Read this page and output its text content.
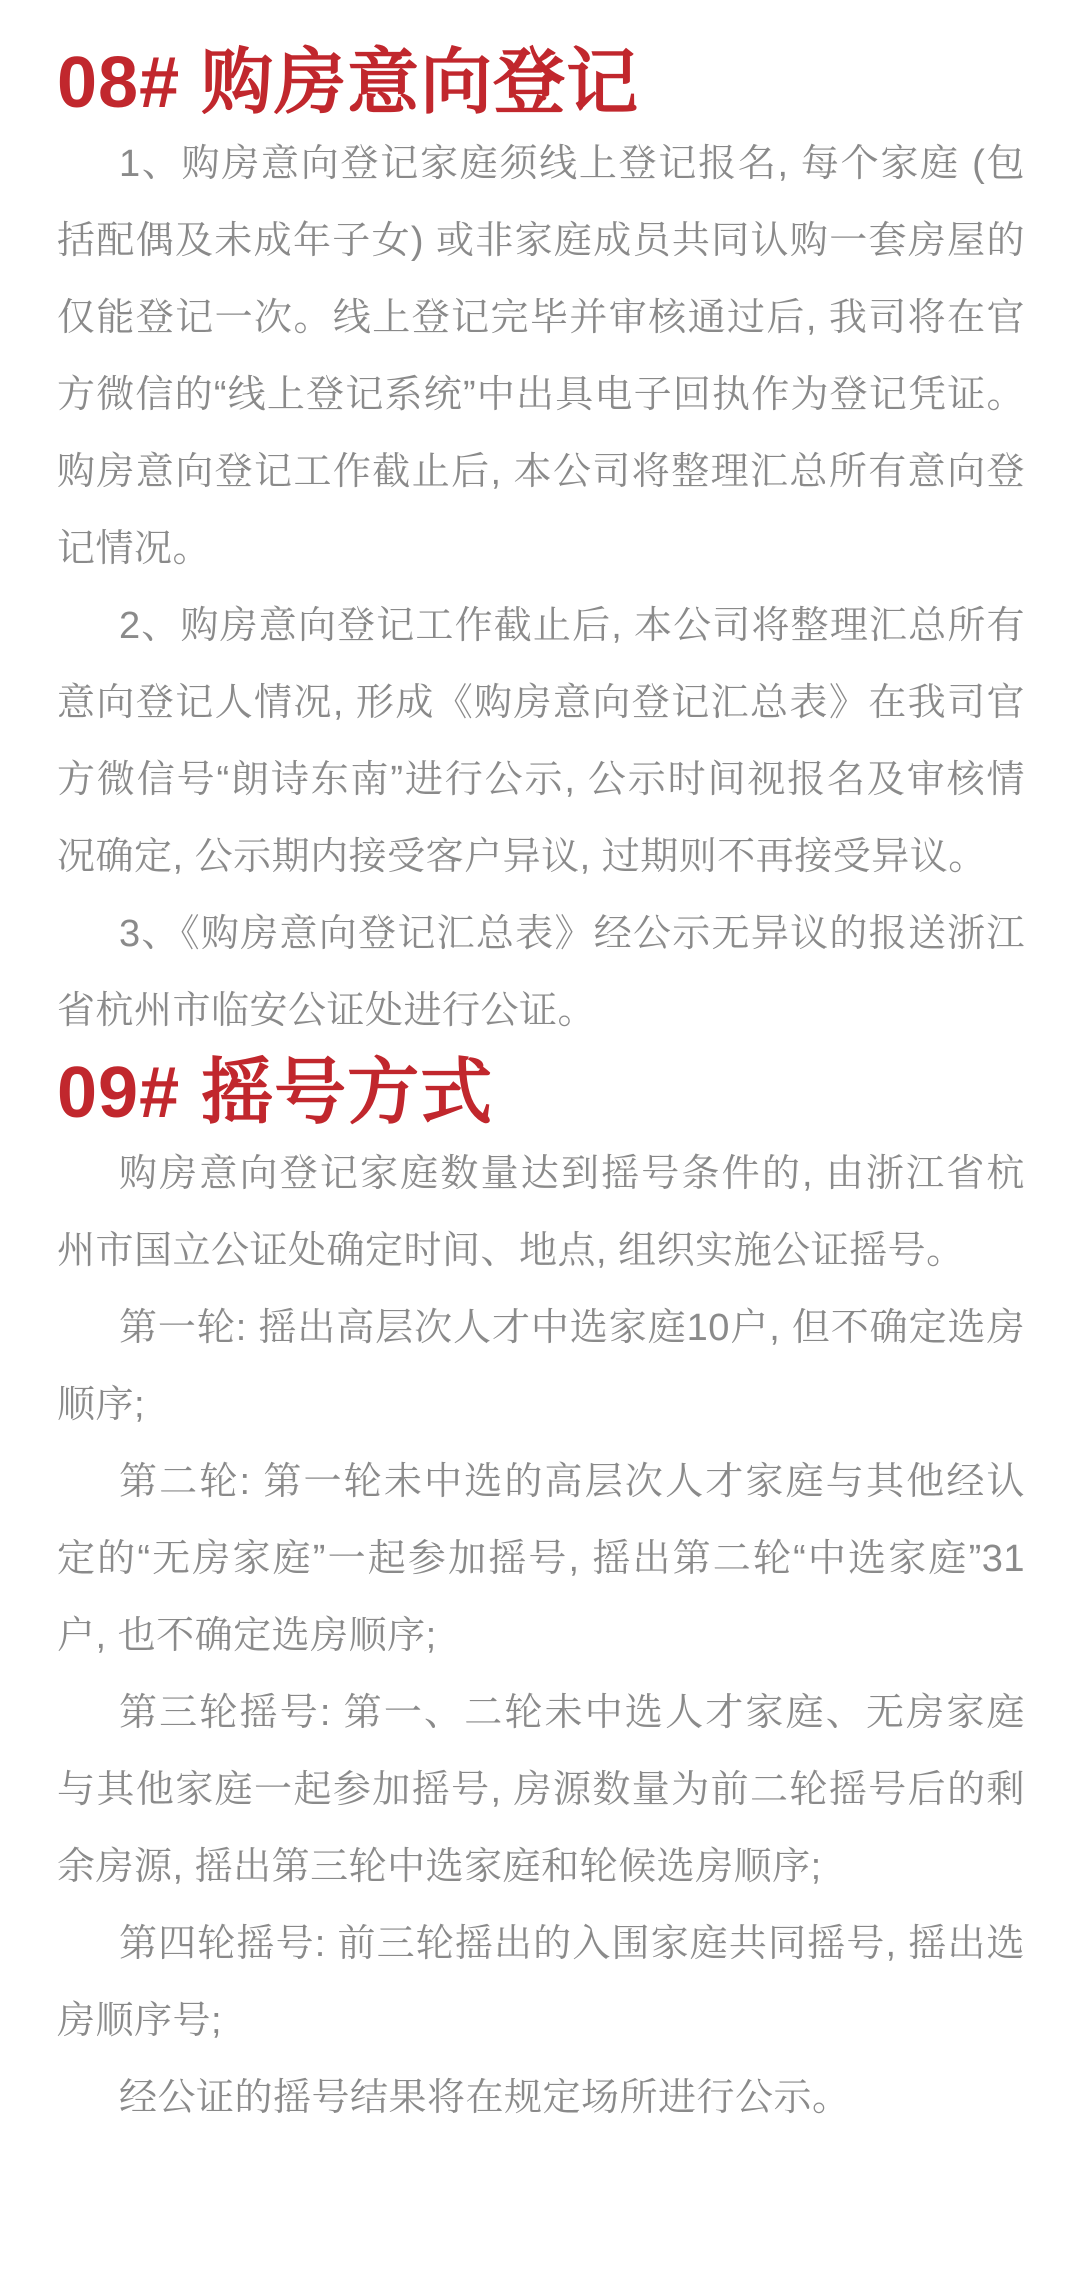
08# 购房意向登记

1、购房意向登记家庭须线上登记报名, 每个家庭 (包括配偶及未成年子女) 或非家庭成员共同认购一套房屋的仅能登记一次。线上登记完毕并审核通过后, 我司将在官方微信的“线上登记系统”中出具电子回执作为登记凭证。购房意向登记工作截止后, 本公司将整理汇总所有意向登记情况。

2、购房意向登记工作截止后, 本公司将整理汇总所有意向登记人情况, 形成《购房意向登记汇总表》在我司官方微信号“朗诗东南”进行公示, 公示时间视报名及审核情况确定, 公示期内接受客户异议, 过期则不再接受异议。

3、《购房意向登记汇总表》经公示无异议的报送浙江省杭州市临安公证处进行公证。

09# 摇号方式

购房意向登记家庭数量达到摇号条件的, 由浙江省杭州市国立公证处确定时间、地点, 组织实施公证摇号。

第一轮: 摇出高层次人才中选家庭10户, 但不确定选房顺序;

第二轮: 第一轮未中选的高层次人才家庭与其他经认定的“无房家庭”一起参加摇号, 摇出第二轮“中选家庭”31户, 也不确定选房顺序;

第三轮摇号: 第一、二轮未中选人才家庭、无房家庭与其他家庭一起参加摇号, 房源数量为前二轮摇号后的剩余房源, 摇出第三轮中选家庭和轮候选房顺序;

第四轮摇号: 前三轮摇出的入围家庭共同摇号, 摇出选房顺序号;

经公证的摇号结果将在规定场所进行公示。
